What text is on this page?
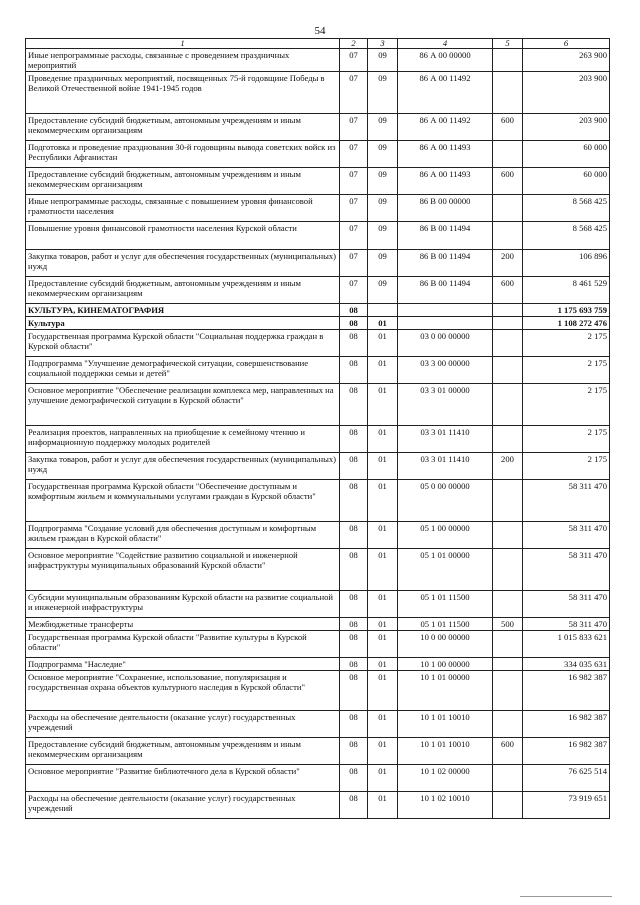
54
1	2	3	4	5	6
Иные непрограммные расходы, связанные с проведением праздничных мероприятий	07	09	86 А 00 00000		263 900
Проведение праздничных мероприятий, посвященных 75-й годовщине Победы в Великой Отечественной войне 1941-1945 годов	07	09	86 А 00 11492		203 900
Предоставление субсидий бюджетным, автономным учреждениям и иным некоммерческим организациям	07	09	86 А 00 11492	600	203 900
Подготовка и проведение празднования 30-й годовщины вывода советских войск из Республики Афганистан	07	09	86 А 00 11493		60 000
Предоставление субсидий бюджетным, автономным учреждениям и иным некоммерческим организациям	07	09	86 А 00 11493	600	60 000
Иные непрограммные расходы, связанные с повышением уровня финансовой грамотности населения	07	09	86 В 00 00000		8 568 425
Повышение уровня финансовой грамотности населения Курской области	07	09	86 В 00 11494		8 568 425
Закупка товаров, работ и услуг для обеспечения государственных (муниципальных) нужд	07	09	86 В 00 11494	200	106 896
Предоставление субсидий бюджетным, автономным учреждениям и иным некоммерческим организациям	07	09	86 В 00 11494	600	8 461 529
КУЛЬТУРА, КИНЕМАТОГРАФИЯ	08				1 175 693 759
Культура	08	01			1 108 272 476
Государственная программа Курской области "Социальная поддержка граждан в Курской области"	08	01	03 0 00 00000		2 175
Подпрограмма "Улучшение демографической ситуации, совершенствование социальной поддержки семьи и детей"	08	01	03 3 00 00000		2 175
Основное мероприятие "Обеспечение реализации комплекса мер, направленных на улучшение демографической ситуации в Курской области"	08	01	03 3 01 00000		2 175
Реализация проектов, направленных на приобщение к семейному чтению и информационную поддержку молодых родителей	08	01	03 3 01 11410		2 175
Закупка товаров, работ и услуг для обеспечения государственных (муниципальных) нужд	08	01	03 3 01 11410	200	2 175
Государственная программа Курской области "Обеспечение доступным и комфортным жильем и коммунальными услугами граждан в Курской области"	08	01	05 0 00 00000		58 311 470
Подпрограмма "Создание условий для обеспечения доступным и комфортным жильем граждан в Курской области"	08	01	05 1 00 00000		58 311 470
Основное мероприятие "Содействие развитию социальной и инженерной инфраструктуры муниципальных образований Курской области"	08	01	05 1 01 00000		58 311 470
Субсидии муниципальным образованиям Курской области на развитие социальной и инженерной инфраструктуры	08	01	05 1 01 11500		58 311 470
Межбюджетные трансферты	08	01	05 1 01 11500	500	58 311 470
Государственная программа Курской области "Развитие культуры в Курской области"	08	01	10 0 00 00000		1 015 833 621
Подпрограмма "Наследие"	08	01	10 1 00 00000		334 035 631
Основное мероприятие "Сохранение, использование, популяризация и государственная охрана объектов культурного наследия в Курской области"	08	01	10 1 01 00000		16 982 387
Расходы на обеспечение деятельности (оказание услуг) государственных учреждений	08	01	10 1 01 10010		16 982 387
Предоставление субсидий бюджетным, автономным учреждениям и иным некоммерческим организациям	08	01	10 1 01 10010	600	16 982 387
Основное мероприятие "Развитие библиотечного дела в Курской области"	08	01	10 1 02 00000		76 625 514
Расходы на обеспечение деятельности (оказание услуг) государственных учреждений	08	01	10 1 02 10010		73 919 651
